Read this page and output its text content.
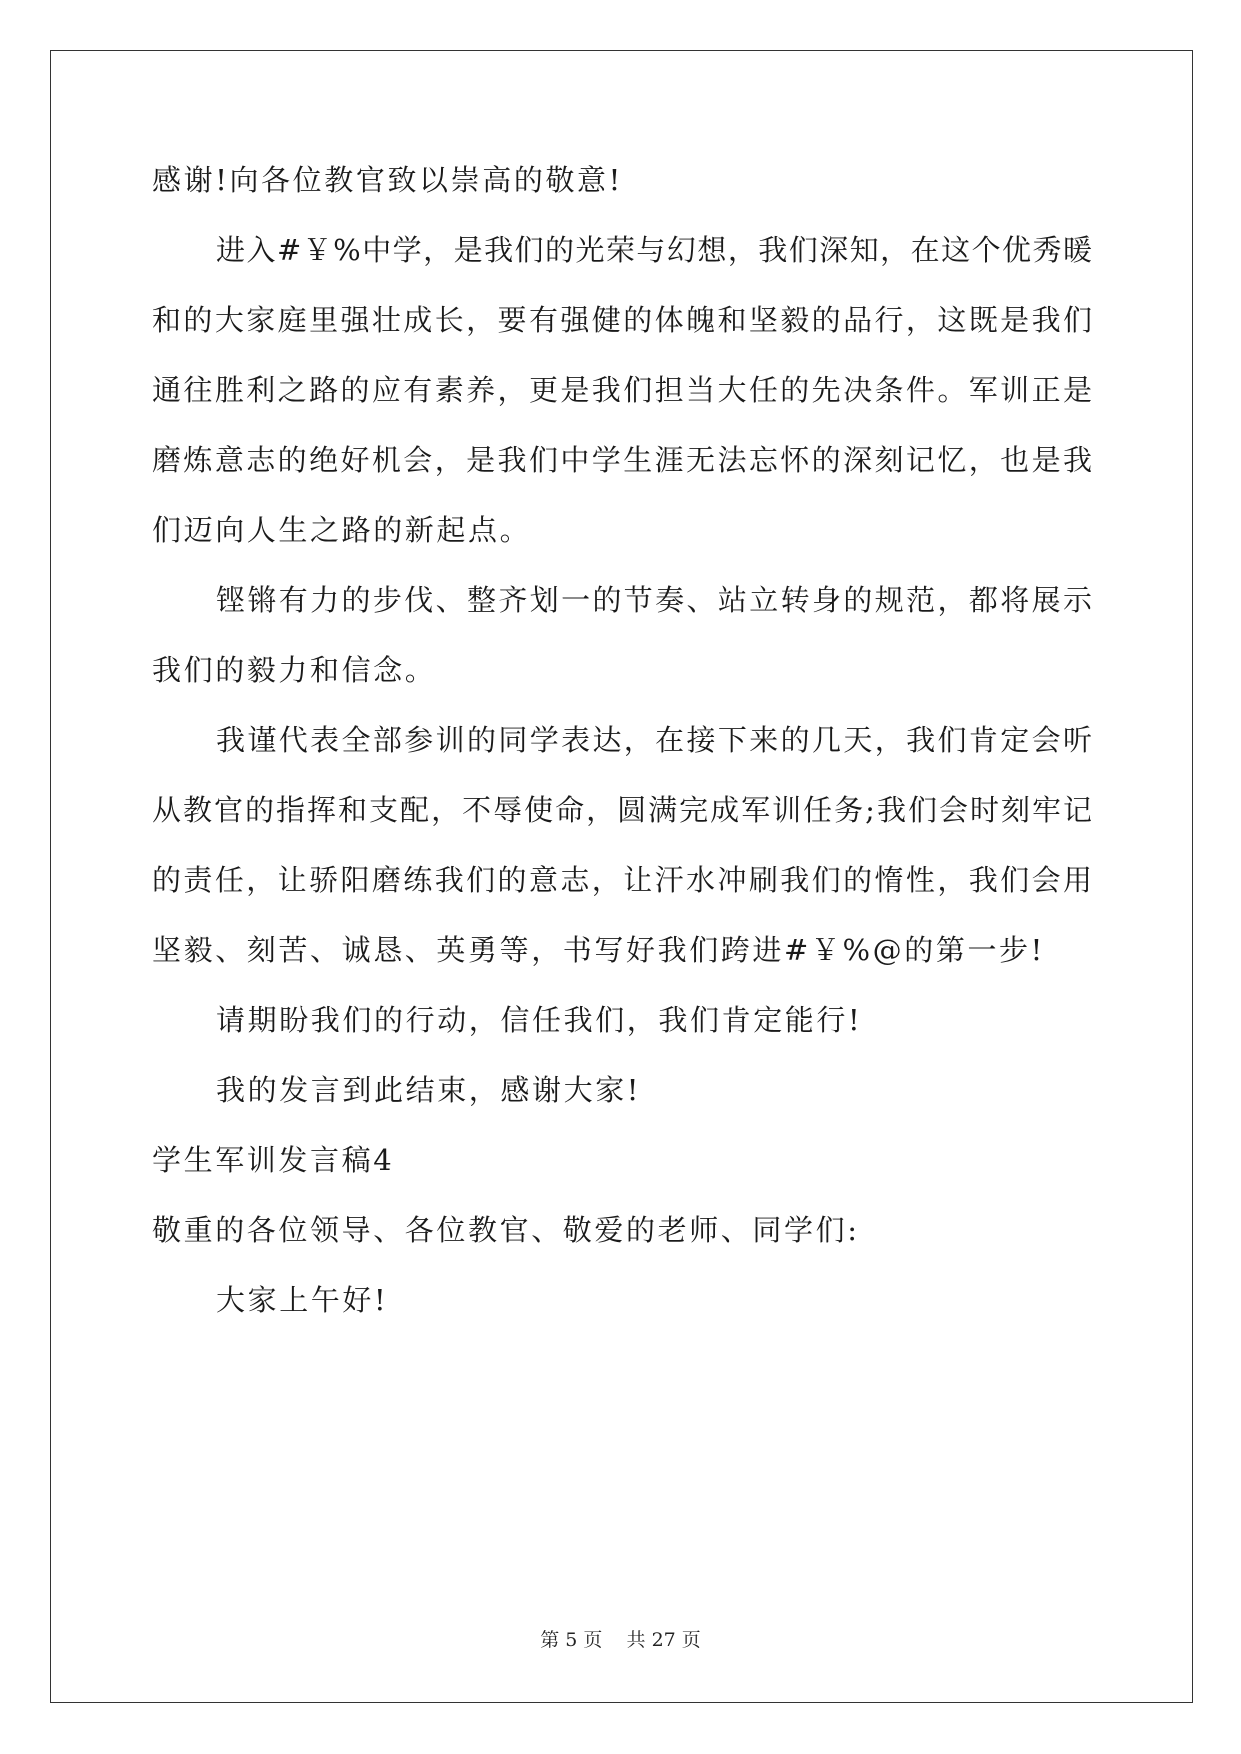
感谢!向各位教官致以崇高的敬意!
进入#￥%中学，是我们的光荣与幻想，我们深知，在这个优秀暖
和的大家庭里强壮成长，要有强健的体魄和坚毅的品行，这既是我们
通往胜利之路的应有素养，更是我们担当大任的先决条件。军训正是
磨炼意志的绝好机会，是我们中学生涯无法忘怀的深刻记忆，也是我
们迈向人生之路的新起点。
铿锵有力的步伐、整齐划一的节奏、站立转身的规范，都将展示
我们的毅力和信念。
我谨代表全部参训的同学表达，在接下来的几天，我们肯定会听
从教官的指挥和支配，不辱使命，圆满完成军训任务;我们会时刻牢记
的责任，让骄阳磨练我们的意志，让汗水冲刷我们的惰性，我们会用
坚毅、刻苦、诚恳、英勇等，书写好我们跨进#￥%@的第一步!
请期盼我们的行动，信任我们，我们肯定能行!
我的发言到此结束，感谢大家!
学生军训发言稿4
敬重的各位领导、各位教官、敬爱的老师、同学们:
大家上午好!
第 5 页    共 27 页
